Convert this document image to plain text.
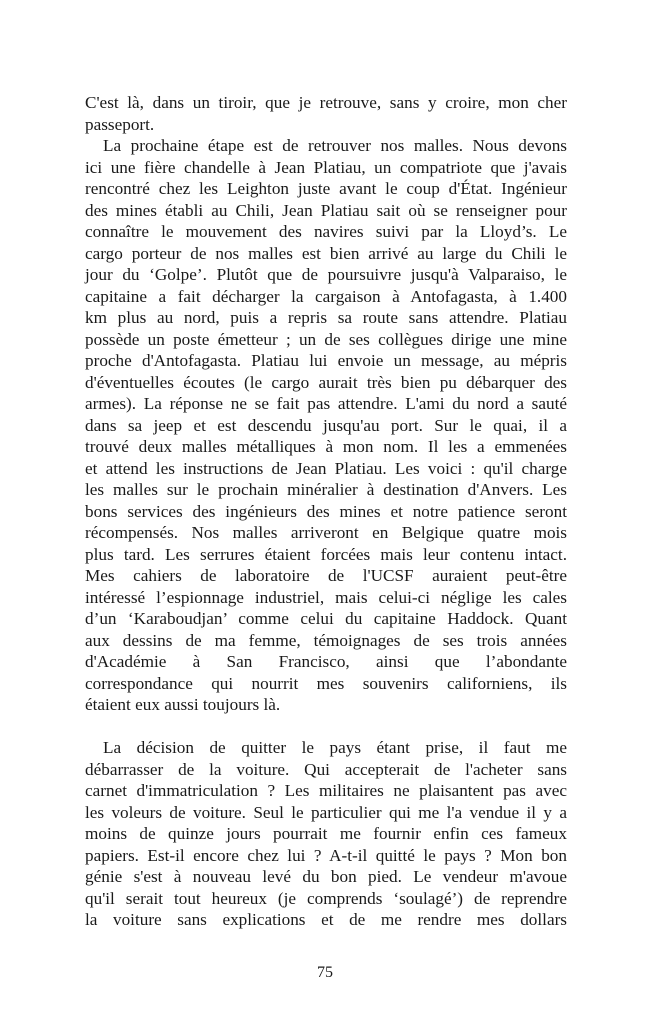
C'est là, dans un tiroir, que je retrouve, sans y croire, mon cher
passeport.
La prochaine étape est de retrouver nos malles. Nous devons
ici une fière chandelle à Jean Platiau, un compatriote que j'avais
rencontré chez les Leighton juste avant le coup d'État. Ingénieur
des mines établi au Chili, Jean Platiau sait où se renseigner pour
connaître le mouvement des navires suivi par la Lloyd’s. Le
cargo porteur de nos malles est bien arrivé au large du Chili le
jour du ‘Golpe’. Plutôt que de poursuivre jusqu'à Valparaiso, le
capitaine a fait décharger la cargaison à Antofagasta, à 1.400
km plus au nord, puis a repris sa route sans attendre. Platiau
possède un poste émetteur ; un de ses collègues dirige une mine
proche d'Antofagasta. Platiau lui envoie un message, au mépris
d'éventuelles écoutes (le cargo aurait très bien pu débarquer des
armes). La réponse ne se fait pas attendre. L'ami du nord a sauté
dans sa jeep et est descendu jusqu'au port. Sur le quai, il a
trouvé deux malles métalliques à mon nom. Il les a emmenées
et attend les instructions de Jean Platiau. Les voici : qu'il charge
les malles sur le prochain minéralier à destination d'Anvers. Les
bons services des ingénieurs des mines et notre patience seront
récompensés. Nos malles arriveront en Belgique quatre mois
plus tard. Les serrures étaient forcées mais leur contenu intact.
Mes cahiers de laboratoire de l'UCSF auraient peut-être
intéressé l’espionnage industriel, mais celui-ci néglige les cales
d’un ‘Karaboudjan’ comme celui du capitaine Haddock. Quant
aux dessins de ma femme, témoignages de ses trois années
d'Académie à San Francisco, ainsi que l’abondante
correspondance qui nourrit mes souvenirs californiens, ils
étaient eux aussi toujours là.
La décision de quitter le pays étant prise, il faut me
débarrasser de la voiture. Qui accepterait de l'acheter sans
carnet d'immatriculation ? Les militaires ne plaisantent pas avec
les voleurs de voiture. Seul le particulier qui me l'a vendue il y a
moins de quinze jours pourrait me fournir enfin ces fameux
papiers. Est-il encore chez lui ? A-t-il quitté le pays ? Mon bon
génie s'est à nouveau levé du bon pied. Le vendeur m'avoue
qu'il serait tout heureux (je comprends ‘soulagé’) de reprendre
la voiture sans explications et de me rendre mes dollars
75
